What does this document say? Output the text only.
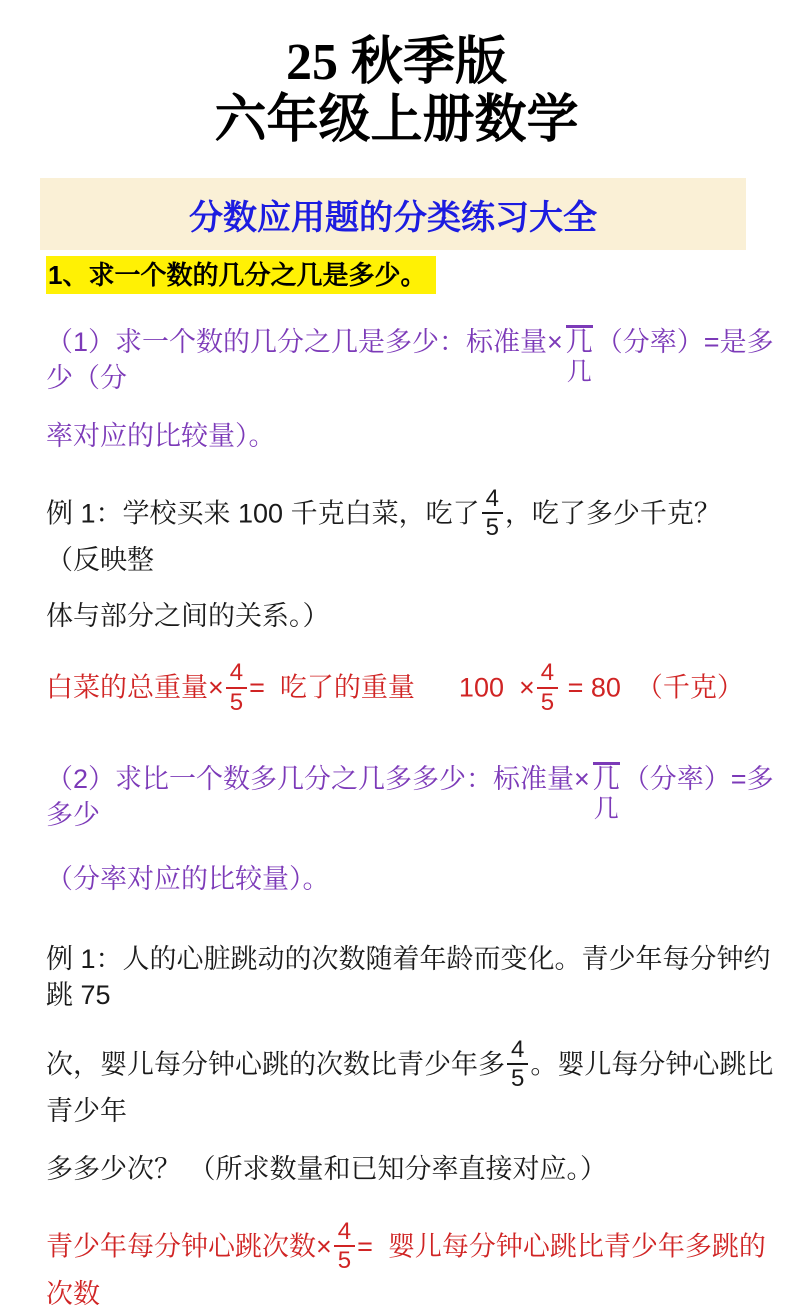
25 秋季版
六年级上册数学
分数应用题的分类练习大全
1、求一个数的几分之几是多少。
（1）求一个数的几分之几是多少：标准量× 几
几
（分率）=是多少（分
率对应的比较量）。
例 1：学校买来 100 千克白菜，吃了 $\frac{4}{5}$ ，吃了多少千克？ （反映整
体与部分之间的关系。）
白菜的总重量× $\frac{4}{5}$ =  吃了的重量 $100 \times \frac{4}{5} = 80$  （千克）
（2）求比一个数多几分之几多多少：标准量× 几
几
（分率）=多多少
（分率对应的比较量）。
例 1：人的心脏跳动的次数随着年龄而变化。青少年每分钟约跳 75
次，婴儿每分钟心跳的次数比青少年多 $\frac{4}{5}$ 。婴儿每分钟心跳比青少年
多多少次？ （所求数量和已知分率直接对应。）
青少年每分钟心跳次数× $\frac{4}{5}$ =  婴儿每分钟心跳比青少年多跳的次数
